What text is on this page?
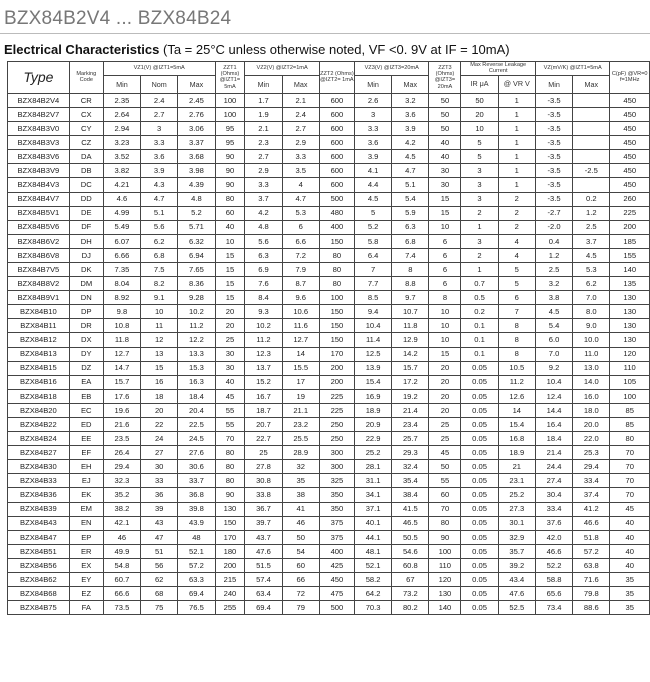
BZX84B2V4 ... BZX84B24
Electrical Characteristics (Ta = 25°C unless otherwise noted, VF <0. 9V at IF = 10mA)
Type	Marking Code	VZ1(V) @IZT1=5mA			ZZT1 (Ohms) @IZT1= 5mA	VZ2(V) @IZT2=1mA		ZZT2 (Ohms) @IZT2= 1mA	VZ3(V) @IZT3=20mA		ZZT3 (Ohms) @IZT3= 20mA	Max Reverse Leakage Current		VZ(mV/K) @IZT1=5mA		C(pF) @VR=0 f=1MHz
		Min	Nom	Max		Min	Max		Min	Max		IR μA	@ VR V	Min	Max	
BZX84B2V4	CR	2.35	2.4	2.45	100	1.7	2.1	600	2.6	3.2	50	50	1	-3.5		450
BZX84B2V7	CX	2.64	2.7	2.76	100	1.9	2.4	600	3	3.6	50	20	1	-3.5		450
BZX84B3V0	CY	2.94	3	3.06	95	2.1	2.7	600	3.3	3.9	50	10	1	-3.5		450
BZX84B3V3	CZ	3.23	3.3	3.37	95	2.3	2.9	600	3.6	4.2	40	5	1	-3.5		450
BZX84B3V6	DA	3.52	3.6	3.68	90	2.7	3.3	600	3.9	4.5	40	5	1	-3.5		450
BZX84B3V9	DB	3.82	3.9	3.98	90	2.9	3.5	600	4.1	4.7	30	3	1	-3.5	-2.5	450
BZX84B4V3	DC	4.21	4.3	4.39	90	3.3	4	600	4.4	5.1	30	3	1	-3.5		450
BZX84B4V7	DD	4.6	4.7	4.8	80	3.7	4.7	500	4.5	5.4	15	3	2	-3.5	0.2	260
BZX84B5V1	DE	4.99	5.1	5.2	60	4.2	5.3	480	5	5.9	15	2	2	-2.7	1.2	225
BZX84B5V6	DF	5.49	5.6	5.71	40	4.8	6	400	5.2	6.3	10	1	2	-2.0	2.5	200
BZX84B6V2	DH	6.07	6.2	6.32	10	5.6	6.6	150	5.8	6.8	6	3	4	0.4	3.7	185
BZX84B6V8	DJ	6.66	6.8	6.94	15	6.3	7.2	80	6.4	7.4	6	2	4	1.2	4.5	155
BZX84B7V5	DK	7.35	7.5	7.65	15	6.9	7.9	80	7	8	6	1	5	2.5	5.3	140
BZX84B8V2	DM	8.04	8.2	8.36	15	7.6	8.7	80	7.7	8.8	6	0.7	5	3.2	6.2	135
BZX84B9V1	DN	8.92	9.1	9.28	15	8.4	9.6	100	8.5	9.7	8	0.5	6	3.8	7.0	130
BZX84B10	DP	9.8	10	10.2	20	9.3	10.6	150	9.4	10.7	10	0.2	7	4.5	8.0	130
BZX84B11	DR	10.8	11	11.2	20	10.2	11.6	150	10.4	11.8	10	0.1	8	5.4	9.0	130
BZX84B12	DX	11.8	12	12.2	25	11.2	12.7	150	11.4	12.9	10	0.1	8	6.0	10.0	130
BZX84B13	DY	12.7	13	13.3	30	12.3	14	170	12.5	14.2	15	0.1	8	7.0	11.0	120
BZX84B15	DZ	14.7	15	15.3	30	13.7	15.5	200	13.9	15.7	20	0.05	10.5	9.2	13.0	110
BZX84B16	EA	15.7	16	16.3	40	15.2	17	200	15.4	17.2	20	0.05	11.2	10.4	14.0	105
BZX84B18	EB	17.6	18	18.4	45	16.7	19	225	16.9	19.2	20	0.05	12.6	12.4	16.0	100
BZX84B20	EC	19.6	20	20.4	55	18.7	21.1	225	18.9	21.4	20	0.05	14	14.4	18.0	85
BZX84B22	ED	21.6	22	22.5	55	20.7	23.2	250	20.9	23.4	25	0.05	15.4	16.4	20.0	85
BZX84B24	EE	23.5	24	24.5	70	22.7	25.5	250	22.9	25.7	25	0.05	16.8	18.4	22.0	80
BZX84B27	EF	26.4	27	27.6	80	25	28.9	300	25.2	29.3	45	0.05	18.9	21.4	25.3	70
BZX84B30	EH	29.4	30	30.6	80	27.8	32	300	28.1	32.4	50	0.05	21	24.4	29.4	70
BZX84B33	EJ	32.3	33	33.7	80	30.8	35	325	31.1	35.4	55	0.05	23.1	27.4	33.4	70
BZX84B36	EK	35.2	36	36.8	90	33.8	38	350	34.1	38.4	60	0.05	25.2	30.4	37.4	70
BZX84B39	EM	38.2	39	39.8	130	36.7	41	350	37.1	41.5	70	0.05	27.3	33.4	41.2	45
BZX84B43	EN	42.1	43	43.9	150	39.7	46	375	40.1	46.5	80	0.05	30.1	37.6	46.6	40
BZX84B47	EP	46	47	48	170	43.7	50	375	44.1	50.5	90	0.05	32.9	42.0	51.8	40
BZX84B51	ER	49.9	51	52.1	180	47.6	54	400	48.1	54.6	100	0.05	35.7	46.6	57.2	40
BZX84B56	EX	54.8	56	57.2	200	51.5	60	425	52.1	60.8	110	0.05	39.2	52.2	63.8	40
BZX84B62	EY	60.7	62	63.3	215	57.4	66	450	58.2	67	120	0.05	43.4	58.8	71.6	35
BZX84B68	EZ	66.6	68	69.4	240	63.4	72	475	64.2	73.2	130	0.05	47.6	65.6	79.8	35
BZX84B75	FA	73.5	75	76.5	255	69.4	79	500	70.3	80.2	140	0.05	52.5	73.4	88.6	35
